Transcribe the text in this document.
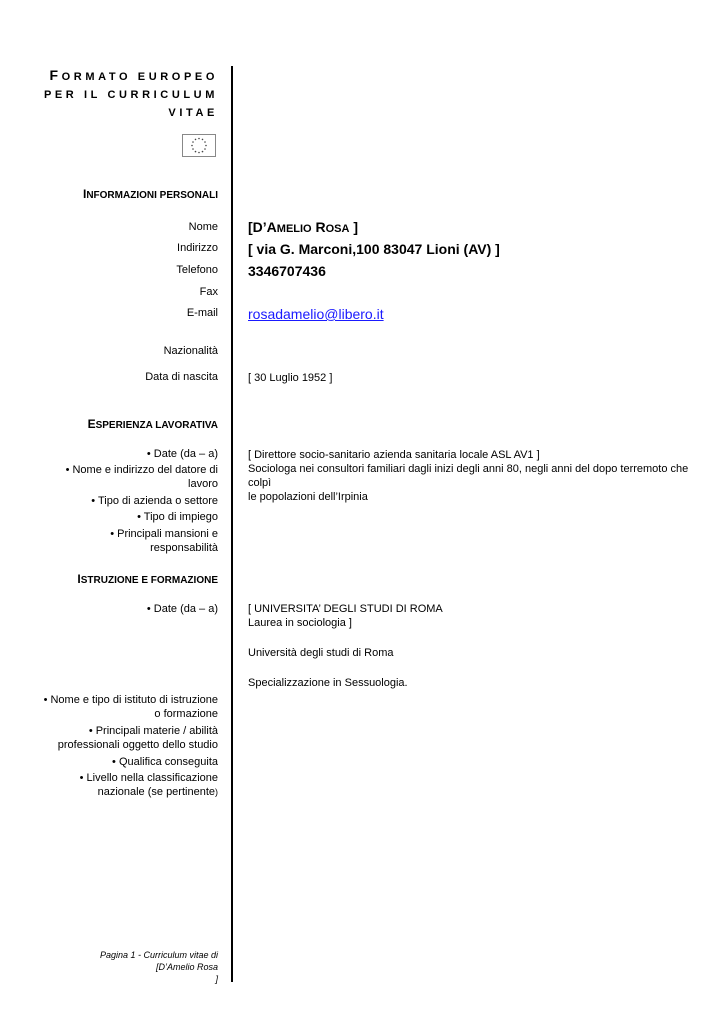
FORMATO EUROPEO
PER IL CURRICULUM
VITAE
INFORMAZIONI PERSONALI
Nome [D’AMELIO ROSA ]
Indirizzo [ via G. Marconi,100 83047 Lioni (AV) ]
Telefono 3346707436
Fax
E-mail rosadamelio@libero.it
Nazionalità
Data di nascita	[ 30 Luglio 1952 ]
ESPERIENZA LAVORATIVA
• Date (da – a)
• Nome e indirizzo del datore di
lavoro
• Tipo di azienda o settore
• Tipo di impiego
• Principali mansioni e responsabilità
[ Direttore socio-sanitario azienda sanitaria locale ASL AV1 ]
Sociologa nei consultori familiari dagli inizi degli anni 80, negli anni del dopo terremoto che colpì
le popolazioni dell’Irpinia
ISTRUZIONE E FORMAZIONE
• Date (da – a)	[ UNIVERSITA’ DEGLI STUDI DI ROMA
Laurea in sociologia ]
Università degli studi di Roma
Specializzazione in Sessuologia.
• Nome e tipo di istituto di istruzione
o formazione
• Principali materie / abilità
professionali oggetto dello studio
• Qualifica conseguita
• Livello nella classificazione
nazionale (se pertinente)
Pagina 1 - Curriculum vitae di
[D’Amelio Rosa
]
